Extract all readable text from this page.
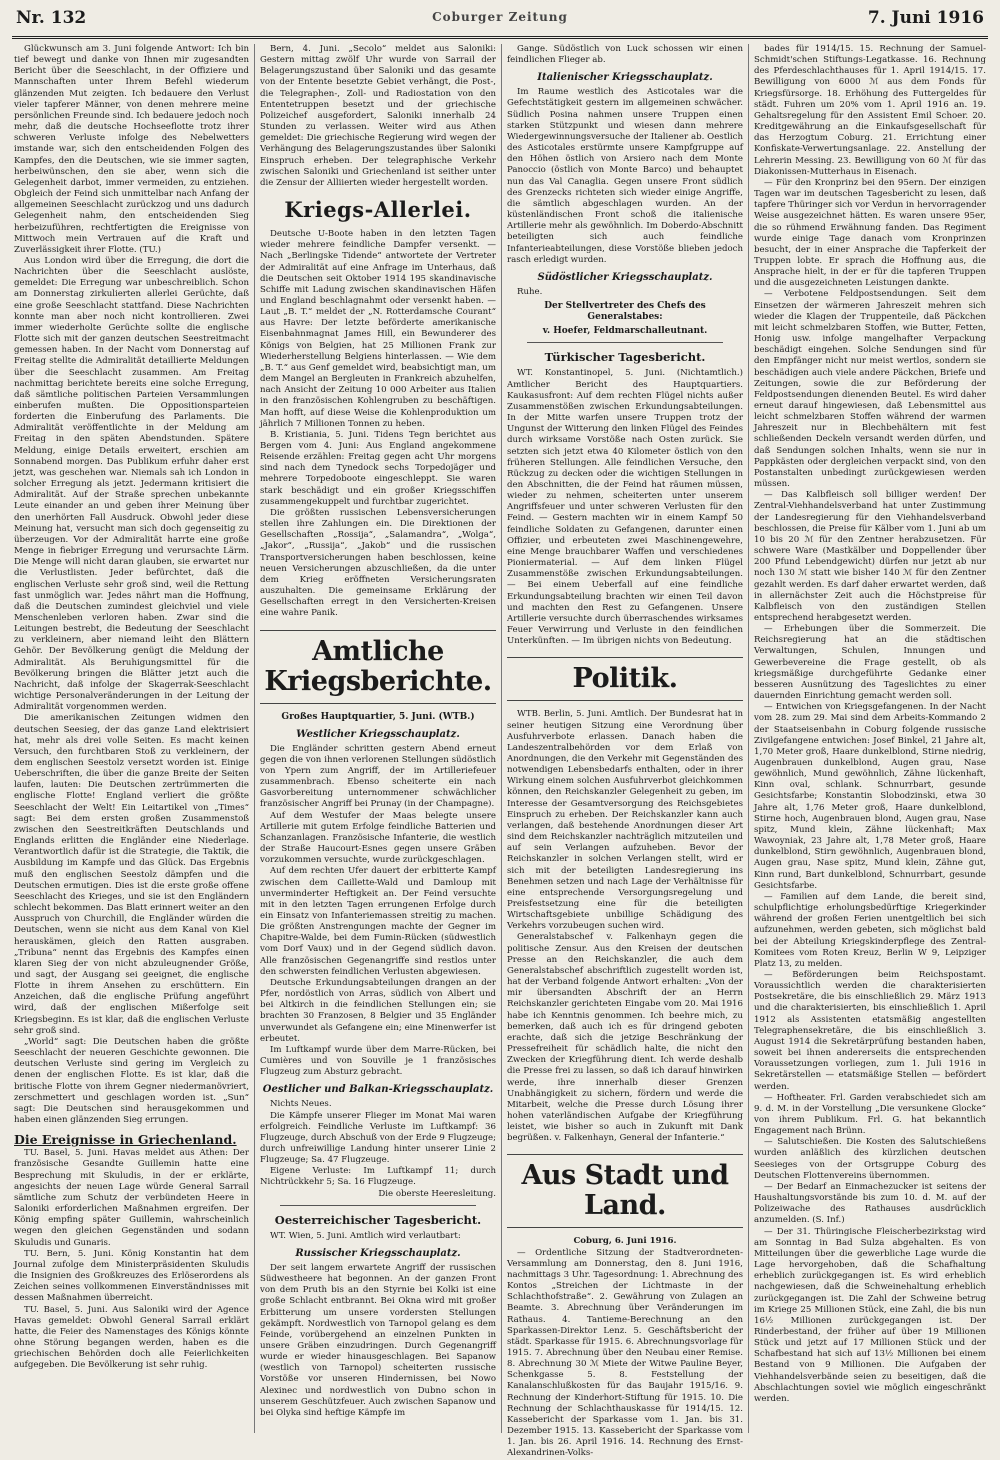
Nr. 132	Coburger Zeitung	7. Juni 1916

Glückwunsch am 3. Juni folgende Antwort: Ich bin tief bewegt und danke von Ihnen mir zugesandten Bericht über die Seeschlacht, in der Offiziere und Mannschaften unter Ihrem Befehl wiederum glänzenden Mut zeigten. Ich bedauere den Verlust vieler tapferer Männer, von denen mehrere meine persönlichen Freunde sind. Ich bedauere jedoch noch mehr, daß die deutsche Hochseeflotte trotz ihrer schweren Verluste infolge des Nebelwetters imstande war, sich den entscheidenden Folgen des Kampfes, den die Deutschen, wie sie immer sagten, herbeiwünschen, den sie aber, wenn sich die Gelegenheit darbot, immer vermeiden, zu entziehen. Obgleich der Feind sich unmittelbar nach Anfang der allgemeinen Seeschlacht zurückzog und uns dadurch Gelegenheit nahm, den entscheidenden Sieg herbeizuführen, rechtfertigten die Ereignisse von Mittwoch mein Vertrauen auf die Kraft und Zuverlässigkeit ihrer Flotte. (TU.)

Aus London wird über die Erregung, die dort die Nachrichten über die Seeschlacht auslöste, gemeldet: Die Erregung war unbeschreiblich. Schon am Donnerstag zirkulierten allerlei Gerüchte, daß eine große Seeschlacht stattfand. Diese Nachrichten konnte man aber noch nicht kontrollieren. Zwei immer wiederholte Gerüchte sollte die englische Flotte sich mit der ganzen deutschen Seestreitmacht gemessen haben. In der Nacht vom Donnerstag auf Freitag stellte die Admiralität detaillierte Meldungen über die Seeschlacht zusammen. Am Freitag nachmittag berichtete bereits eine solche Erregung, daß sämtliche politischen Parteien Versammlungen einberufen mußten. Die Oppositionsparteien forderten die Einberufung des Parlaments. Die Admiralität veröffentlichte in der Meldung am Freitag in den späten Abendstunden. Spätere Meldung, einige Details erweitert, erschien am Sonnabend morgen. Das Publikum erfuhr daher erst jetzt, was geschehen war. Niemals sah ich London in solcher Erregung als jetzt. Jedermann kritisiert die Admiralität. Auf der Straße sprechen unbekannte Leute einander an und geben ihrer Meinung über den unerhörten Fall Ausdruck. Obwohl jeder diese Meinung hat, versucht man sich doch gegenseitig zu überzeugen. Vor der Admiralität harrte eine große Menge in fiebriger Erregung und verursachte Lärm. Die Menge will nicht daran glauben, sie erwartet nur die Verlustlisten. Jeder befürchtet, daß die englischen Verluste sehr groß sind, weil die Rettung fast unmöglich war. Jedes nährt man die Hoffnung, daß die Deutschen zumindest gleichviel und viele Menschenleben verloren haben. Zwar sind die Leitungen bestrebt, die Bedeutung der Seeschlacht zu verkleinern, aber niemand leiht den Blättern Gehör. Der Bevölkerung genügt die Meldung der Admiralität. Als Beruhigungsmittel für die Bevölkerung bringen die Blätter jetzt auch die Nachricht, daß infolge der Skagerrak-Seeschlacht wichtige Personalveränderungen in der Leitung der Admiralität vorgenommen werden.

Die amerikanischen Zeitungen widmen den deutschen Seesieg, der das ganze Land elektrisiert hat, mehr als drei volle Seiten. Es macht keinen Versuch, den furchtbaren Stoß zu verkleinern, der dem englischen Seestolz versetzt worden ist. Einige Ueberschriften, die über die ganze Breite der Seiten laufen, lauten: Die Deutschen zertrümmerten die englische Flotte! England verliert die größte Seeschlacht der Welt! Ein Leitartikel von „Times“ sagt: Bei dem ersten großen Zusammenstoß zwischen den Seestreitkräften Deutschlands und Englands erlitten die Engländer eine Niederlage. Verantwortlich dafür ist die Strategie, die Taktik, die Ausbildung im Kampfe und das Glück. Das Ergebnis muß den englischen Seestolz dämpfen und die Deutschen ermutigen. Dies ist die erste große offene Seeschlacht des Krieges, und sie ist den Engländern schlecht bekommen. Das Blatt erinnert weiter an den Ausspruch von Churchill, die Engländer würden die Deutschen, wenn sie nicht aus dem Kanal von Kiel herauskämen, gleich den Ratten ausgraben. „Tribuna“ nennt das Ergebnis des Kampfes einen klaren Sieg der von nicht abzuleugnender Größe, und sagt, der Ausgang sei geeignet, die englische Flotte in ihrem Ansehen zu erschüttern. Ein Anzeichen, daß die englische Prüfung angeführt wird, daß der englischen Mißerfolge seit Kriegsbeginn. Es ist klar, daß die englischen Verluste sehr groß sind.

„World“ sagt: Die Deutschen haben die größte Seeschlacht der neueren Geschichte gewonnen. Die deutschen Verluste sind gering im Vergleich zu denen der englischen Flotte. Es ist klar, daß die britische Flotte von ihrem Gegner niedermanövriert, zerschmettert und geschlagen worden ist. „Sun“ sagt: Die Deutschen sind herausgekommen und haben einen glänzenden Sieg errungen.

Die Ereignisse in Griechenland.

TU. Basel, 5. Juni. Havas meldet aus Athen: Der französische Gesandte Guillemin hatte eine Besprechung mit Skuludis, in der er erklärte, angesichts der neuen Lage würde General Sarrail sämtliche zum Schutz der verbündeten Heere in Saloniki erforderlichen Maßnahmen ergreifen. Der König empfing später Guillemin, wahrscheinlich wegen den gleichen Gegenständen und sodann Skuludis und Gunaris.

TU. Bern, 5. Juni. König Konstantin hat dem Journal zufolge dem Ministerpräsidenten Skuludis die Insignien des Großkreuzes des Erlöserordens als Zeichen seines vollkommenen Einverständnisses mit dessen Maßnahmen überreicht.

TU. Basel, 5. Juni. Aus Saloniki wird der Agence Havas gemeldet: Obwohl General Sarrail erklärt hatte, die Feier des Namenstages des Königs könnte ohne Störung begangen werden, haben es die griechischen Behörden doch alle Feierlichkeiten aufgegeben. Die Bevölkerung ist sehr ruhig.

Bern, 4. Juni. „Secolo“ meldet aus Saloniki: Gestern mittag zwölf Uhr wurde von Sarrail der Belagerungszustand über Saloniki und das gesamte von der Entente besetzte Gebiet verhängt, die Post-, die Telegraphen-, Zoll- und Radiostation von den Ententetruppen besetzt und der griechische Polizeichef ausgefordert, Saloniki innerhalb 24 Stunden zu verlassen. Weiter wird aus Athen gemeldet: Die griechische Regierung wird wegen der Verhängung des Belagerungszustandes über Saloniki Einspruch erheben. Der telegraphische Verkehr zwischen Saloniki und Griechenland ist seither unter die Zensur der Alliierten wieder hergestellt worden.

Kriegs-Allerlei.

Deutsche U-Boote haben in den letzten Tagen wieder mehrere feindliche Dampfer versenkt. — Nach „Berlingske Tidende“ antwortete der Vertreter der Admiralität auf eine Anfrage im Unterhaus, daß die Deutschen seit Oktober 1914 195 skandinavische Schiffe mit Ladung zwischen skandinavischen Häfen und England beschlagnahmt oder versenkt haben. — Laut „B. T.“ meldet der „N. Rotterdamsche Courant“ aus Havre: Der letzte beförderte amerikanische Eisenbahnmagnat James Hill, ein Bewunderer des Königs von Belgien, hat 25 Millionen Frank zur Wiederherstellung Belgiens hinterlassen. — Wie dem „B. T.“ aus Genf gemeldet wird, beabsichtigt man, um dem Mangel an Bergleuten in Frankreich abzuhelfen, nach Ansicht der Zeitung 10 000 Arbeiter aus Italien in den französischen Kohlengruben zu beschäftigen. Man hofft, auf diese Weise die Kohlenproduktion um jährlich 7 Millionen Tonnen zu heben.

B. Kristiania, 5. Juni. Tidens Tegn berichtet aus Bergen vom 4. Juni: Aus England angekommene Reisende erzählen: Freitag gegen acht Uhr morgens sind nach dem Tynedock sechs Torpedojäger und mehrere Torpedoboote eingeschleppt. Sie waren stark beschädigt und ein großer Kriegsschiffen zusammengekuppelt und furchtbar zugerichtet.

Die größten russischen Lebensversicherungen stellen ihre Zahlungen ein. Die Direktionen der Gesellschaften „Rossija“, „Salamandra“, „Wolga“, „Jakor“, „Russija“, „Jakob“ und die russischen Transportversicherungen haben beschlossen, keine neuen Versicherungen abzuschließen, da die unter dem Krieg eröffneten Versicherungsraten auszuhalten. Die gemeinsame Erklärung der Gesellschaften erregt in den Versicherten-Kreisen eine wahre Panik.

Amtliche Kriegsberichte.
Großes Hauptquartier, 5. Juni. (WTB.)
Westlicher Kriegsschauplatz.

Die Engländer schritten gestern Abend erneut gegen die von ihnen verlorenen Stellungen südöstlich von Ypern zum Angriff, der im Artilleriefeuer zusammenbrach. Ebenso scheiterte ein nach Gasvorbereitung unternommener schwächlicher französischer Angriff bei Prunay (in der Champagne).

Auf dem Westufer der Maas belegte unsere Artillerie mit gutem Erfolge feindliche Batterien und Schanzanlagen. Französische Infanterie, die westlich der Straße Haucourt-Esnes gegen unsere Gräben vorzukommen versuchte, wurde zurückgeschlagen.

Auf dem rechten Ufer dauert der erbitterte Kampf zwischen dem Caillette-Wald und Damloup mit unverminderter Heftigkeit an. Der Feind versuchte mit in den letzten Tagen errungenen Erfolge durch ein Einsatz von Infanteriemassen streitig zu machen. Die größten Anstrengungen machte der Gegner im Chapitre-Walde, bei dem Fumin-Rücken (südwestlich vom Dorf Vaux) und in der Gegend südlich davon. Alle französischen Gegenangriffe sind restlos unter den schwersten feindlichen Verlusten abgewiesen.

Deutsche Erkundungsabteilungen drangen an der Pfer, nordöstlich von Arras, südlich von Albert und bei Altkirch in die feindlichen Stellungen ein; sie brachten 30 Franzosen, 8 Belgier und 35 Engländer unverwundet als Gefangene ein; eine Minenwerfer ist erbeutet.

Im Luftkampf wurde über dem Marre-Rücken, bei Cumières und von Souville je 1 französisches Flugzeug zum Absturz gebracht.

Oestlicher und Balkan-Kriegsschauplatz.

Nichts Neues.

Die Kämpfe unserer Flieger im Monat Mai waren erfolgreich. Feindliche Verluste im Luftkampf: 36 Flugzeuge, durch Abschuß von der Erde 9 Flugzeuge; durch unfreiwillige Landung hinter unserer Linie 2 Flugzeuge; Sa. 47 Flugzeuge.

Eigene Verluste: Im Luftkampf 11; durch Nichtrückkehr 5; Sa. 16 Flugzeuge.

Die oberste Heeresleitung.

Oesterreichischer Tagesbericht.

WT. Wien, 5. Juni. Amtlich wird verlautbart:

Russischer Kriegsschauplatz.

Der seit langem erwartete Angriff der russischen Südwestheere hat begonnen. An der ganzen Front von dem Pruth bis an den Styrnie bei Kolki ist eine große Schlacht entbrannt. Bei Okna wird mit großer Erbitterung um unsere vordersten Stellungen gekämpft. Nordwestlich von Tarnopol gelang es dem Feinde, vorübergehend an einzelnen Punkten in unsere Gräben einzudringen. Durch Gegenangriff wurde er wieder hinausgeschlagen. Bei Sapanow (westlich von Tarnopol) scheiterten russische Vorstöße vor unseren Hindernissen, bei Nowo Alexinec und nordwestlich von Dubno schon in unserem Geschützfeuer. Auch zwischen Sapanow und bei Olyka sind heftige Kämpfe im

Gange. Südöstlich von Luck schossen wir einen feindlichen Flieger ab.

Italienischer Kriegsschauplatz.

Im Raume westlich des Asticotales war die Gefechtstätigkeit gestern im allgemeinen schwächer. Südlich Posina nahmen unsere Truppen einen starken Stützpunkt und wiesen dann mehrere Wiedergewinnungsversuche der Italiener ab. Oestlich des Asticotales erstürmte unsere Kampfgruppe auf den Höhen östlich von Arsiero nach dem Monte Panoccio (östlich von Monte Barco) und behauptet nun das Val Canaglia. Gegen unsere Front südlich des Grenzecks richteten sich wieder einige Angriffe, die sämtlich abgeschlagen wurden. An der küstenländischen Front schoß die italienische Artillerie mehr als gewöhnlich. Im Doberdo-Abschnitt beteiligten sich auch feindliche Infanterieabteilungen, diese Vorstöße blieben jedoch rasch erledigt wurden.

Südöstlicher Kriegsschauplatz.

Ruhe.

Der Stellvertreter des Chefs des Generalstabes:
v. Hoefer, Feldmarschalleutnant.
Türkischer Tagesbericht.

WT. Konstantinopel, 5. Juni. (Nichtamtlich.) Amtlicher Bericht des Hauptquartiers. Kaukasusfront: Auf dem rechten Flügel nichts außer Zusammenstößen zwischen Erkundungsabteilungen. In der Mitte warfen unsere Truppen trotz der Ungunst der Witterung den linken Flügel des Feindes durch wirksame Vorstöße nach Osten zurück. Sie setzten sich jetzt etwa 40 Kilometer östlich von den früheren Stellungen. Alle feindlichen Versuche, den Rückzug zu decken oder die wichtigen Stellungen in den Abschnitten, die der Feind hat räumen müssen, wieder zu nehmen, scheiterten unter unserem Angriffsfeuer und unter schweren Verlusten für den Feind. — Gestern machten wir in einem Kampf 50 feindliche Soldaten zu Gefangenen, darunter einen Offizier, und erbeuteten zwei Maschinengewehre, eine Menge brauchbarer Waffen und verschiedenes Pioniermaterial. — Auf dem linken Flügel Zusammenstöße zwischen Erkundungsabteilungen. — Bei einem Ueberfall auf eine feindliche Erkundungsabteilung brachten wir einen Teil davon und machten den Rest zu Gefangenen. Unsere Artillerie versuchte durch überraschendes wirksames Feuer Verwirrung und Verluste in den feindlichen Unterkünften. — Im übrigen nichts von Bedeutung.

Politik.

WTB. Berlin, 5. Juni. Amtlich. Der Bundesrat hat in seiner heutigen Sitzung eine Verordnung über Ausfuhrverbote erlassen. Danach haben die Landeszentralbehörden vor dem Erlaß von Anordnungen, die den Verkehr mit Gegenständen des notwendigen Lebensbedarfs enthalten, oder in ihrer Wirkung einem solchen Ausfuhrverbot gleichkommen können, den Reichskanzler Gelegenheit zu geben, im Interesse der Gesamtversorgung des Reichsgebietes Einspruch zu erheben. Der Reichskanzler kann auch verlangen, daß bestehende Anordnungen dieser Art sind dem Reichskanzler nachträglich mitzuteilen und auf sein Verlangen aufzuheben. Bevor der Reichskanzler in solchen Verlangen stellt, wird er sich mit der beteiligten Landesregierung ins Benehmen setzen und nach Lage der Verhältnisse für eine entsprechende Versorgungsregelung und Preisfestsetzung eine für die beteiligten Wirtschaftsgebiete unbillige Schädigung des Verkehrs vorzubeugen suchen wird.

Generalstabschef v. Falkenhayn gegen die politische Zensur. Aus den Kreisen der deutschen Presse an den Reichskanzler, die auch dem Generalstabschef abschriftlich zugestellt worden ist, hat der Verband folgende Antwort erhalten: „Von der mir übersandten Abschrift der an Herrn Reichskanzler gerichteten Eingabe vom 20. Mai 1916 habe ich Kenntnis genommen. Ich beehre mich, zu bemerken, daß auch ich es für dringend geboten erachte, daß sich die jetzige Beschränkung der Pressefreiheit für schädlich halte, die nicht den Zwecken der Kriegführung dient. Ich werde deshalb die Presse frei zu lassen, so daß ich darauf hinwirken werde, ihre innerhalb dieser Grenzen Unabhängigkeit zu sichern, fördern und werde die Mitarbeit, welche die Presse durch Lösung ihrer hohen vaterländischen Aufgabe der Kriegführung leistet, wie bisher so auch in Zukunft mit Dank begrüßen. v. Falkenhayn, General der Infanterie.“

Aus Stadt und Land.

Coburg, 6. Juni 1916.

— Ordentliche Sitzung der Stadtverordneten-Versammlung am Donnerstag, den 8. Juni 1916, nachmittags 3 Uhr. Tagesordnung: 1. Abrechnung des Kontos „Streichen der Lichtmaste in der Schlachthofstraße“. 2. Gewährung von Zulagen an Beamte. 3. Abrechnung über Veränderungen im Rathaus. 4. Tantieme-Berechnung an den Sparkassen-Direktor Lenz. 5. Geschäftsbericht der städt. Sparkasse für 1915. 6. Abrechnungsvorlage für 1915. 7. Abrechnung über den Neubau einer Remise. 8. Abrechnung 30 ℳ Miete der Witwe Pauline Beyer, Schenkgasse 5. 8. Feststellung der Kanalanschlußkosten für das Baujahr 1915/16. 9. Rechnung der Kinderhort-Stiftung für 1915. 10. Die Rechnung der Schlachthauskasse für 1914/15. 12. Kassebericht der Sparkasse vom 1. Jan. bis 31. Dezember 1915. 13. Kassebericht der Sparkasse vom 1. Jan. bis 26. April 1916. 14. Rechnung des Ernst-Alexandrinen-Volks-

bades für 1914/15. 15. Rechnung der Samuel-Schmidt'schen Stiftungs-Legatkasse. 16. Rechnung des Pferdeschlachthauses für 1. April 1914/15. 17. Bewilligung von 6000 ℳ aus dem Fonds für Kriegsfürsorge. 18. Erhöhung des Futtergeldes für städt. Fuhren um 20% vom 1. April 1916 an. 19. Gehaltsregelung für den Assistent Emil Schoer. 20. Kreditgewährung an die Einkaufsgesellschaft für das Herzogtum Coburg. 21. Errichtung einer Konfiskate-Verwertungsanlage. 22. Anstellung der Lehrerin Messing. 23. Bewilligung von 60 ℳ für das Diakonissen-Mutterhaus in Eisenach.

— Für den Kronprinz bei den 95ern. Der einzigen Tagen war im deutschen Tagesbericht zu lesen, daß tapfere Thüringer sich vor Verdun in hervorragender Weise ausgezeichnet hätten. Es waren unsere 95er, die so rühmend Erwähnung fanden. Das Regiment wurde einige Tage danach vom Kronprinzen besucht, der in einer Ansprache die Tapferkeit der Truppen lobte. Er sprach die Hoffnung aus, die Ansprache hielt, in der er für die tapferen Truppen und die ausgezeichneten Leistungen dankte.

— Verbotene Feldpostsendungen. Seit dem Einsetzen der wärmeren Jahreszeit mehren sich wieder die Klagen der Truppenteile, daß Päckchen mit leicht schmelzbaren Stoffen, wie Butter, Fetten, Honig usw. infolge mangelhafter Verpackung beschädigt eingehen. Solche Sendungen sind für den Empfänger nicht nur meist wertlos, sondern sie beschädigen auch viele andere Päckchen, Briefe und Zeitungen, sowie die zur Beförderung der Feldpostsendungen dienenden Beutel. Es wird daher erneut darauf hingewiesen, daß Lebensmittel aus leicht schmelzbaren Stoffen während der warmen Jahreszeit nur in Blechbehältern mit fest schließenden Deckeln versandt werden dürfen, und daß Sendungen solchen Inhalts, wenn sie nur in Pappkästen oder dergleichen verpackt sind, von den Postanstalten unbedingt zurückgewiesen werden müssen.

— Das Kalbfleisch soll billiger werden! Der Zentral-Viehhandelsverband hat unter Zustimmung der Landesregierung für den Viehhandelsverband beschlossen, die Preise für Kälber vom 1. Juni ab um 10 bis 20 ℳ für den Zentner herabzusetzen. Für schwere Ware (Mastkälber und Doppellender über 200 Pfund Lebendgewicht) dürfen nur jetzt ab nur noch 130 ℳ statt wie bisher 140 ℳ für den Zentner gezahlt werden. Es darf daher erwartet werden, daß in allernächster Zeit auch die Höchstpreise für Kalbfleisch von den zuständigen Stellen entsprechend herabgesetzt werden.

— Erhebungen über die Sommerzeit. Die Reichsregierung hat an die städtischen Verwaltungen, Schulen, Innungen und Gewerbevereine die Frage gestellt, ob als kriegsmäßige durchgeführte Gedanke einer besseren Ausnützung des Tageslichtes zu einer dauernden Einrichtung gemacht werden soll.

— Entwichen von Kriegsgefangenen. In der Nacht vom 28. zum 29. Mai sind dem Arbeits-Kommando 2 der Staatseisenbahn in Coburg folgende russische Zivilgefangene entwichen: Josef Binkel, 21 Jahre alt, 1,70 Meter groß, Haare dunkelblond, Stirne niedrig, Augenbrauen dunkelblond, Augen grau, Nase gewöhnlich, Mund gewöhnlich, Zähne lückenhaft, Kinn oval, schlank. Schnurrbart, gesunde Gesichtsfarbe; Konstantin Slobodzinski, etwa 30 Jahre alt, 1,76 Meter groß, Haare dunkelblond, Stirne hoch, Augenbrauen blond, Augen grau, Nase spitz, Mund klein, Zähne lückenhaft; Max Wawoyniak, 23 Jahre alt, 1,78 Meter groß, Haare dunkelblond, Stirn gewöhnlich, Augenbrauen blond, Augen grau, Nase spitz, Mund klein, Zähne gut, Kinn rund, Bart dunkelblond, Schnurrbart, gesunde Gesichtsfarbe.

— Familien auf dem Lande, die bereit sind, schulpflichtige erholungsbedürftige Kriegerkinder während der großen Ferien unentgeltlich bei sich aufzunehmen, werden gebeten, sich möglichst bald bei der Abteilung Kriegskinderpflege des Zentral-Komitees vom Roten Kreuz, Berlin W 9, Leipziger Platz 13, zu melden.

— Beförderungen beim Reichspostamt. Voraussichtlich werden die charakterisierten Postsekretäre, die bis einschließlich 29. März 1913 und die charakterisierten, bis einschließlich 1. April 1912 als Assistenten etatsmäßig angestellten Telegraphensekretäre, die bis einschließlich 3. August 1914 die Sekretärprüfung bestanden haben, soweit bei ihnen andererseits die entsprechenden Voraussetzungen vorliegen, zum 1. Juli 1916 in Sekretärstellen — etatsmäßige Stellen — befördert werden.

— Hoftheater. Frl. Garden verabschiedet sich am 9. d. M. in der Vorstellung „Die versunkene Glocke“ von ihrem Publikum. Frl. G. hat bekanntlich Engagement nach Brünn.

— Salutschießen. Die Kosten des Salutschießens wurden anläßlich des kürzlichen deutschen Seesieges von der Ortsgruppe Coburg des Deutschen Flottenvereins übernommen.

— Der Bedarf an Einmachezucker ist seitens der Haushaltungsvorstände bis zum 10. d. M. auf der Polizeiwache des Rathauses ausdrücklich anzumelden. (S. Inf.)

— Der 31. Thüringische Fleischerbezirkstag wird am Sonntag in Bad Sulza abgehalten. Es von Mitteilungen über die gewerbliche Lage wurde die Lage hervorgehoben, daß die Schafhaltung erheblich zurückgegangen ist. Es wird erheblich nachgewiesen, daß die Schweinehaltung erheblich zurückgegangen ist. Die Zahl der Schweine betrug im Kriege 25 Millionen Stück, eine Zahl, die bis nun 16½ Millionen zurückgegangen ist. Der Rinderbestand, der früher auf über 19 Millionen Stück und jetzt auf 17 Millionen Stück und der Schafbestand hat sich auf 13½ Millionen bei einem Bestand von 9 Millionen. Die Aufgaben der Viehhandelsverbände seien zu beseitigen, daß die Abschlachtungen soviel wie möglich eingeschränkt werden.
